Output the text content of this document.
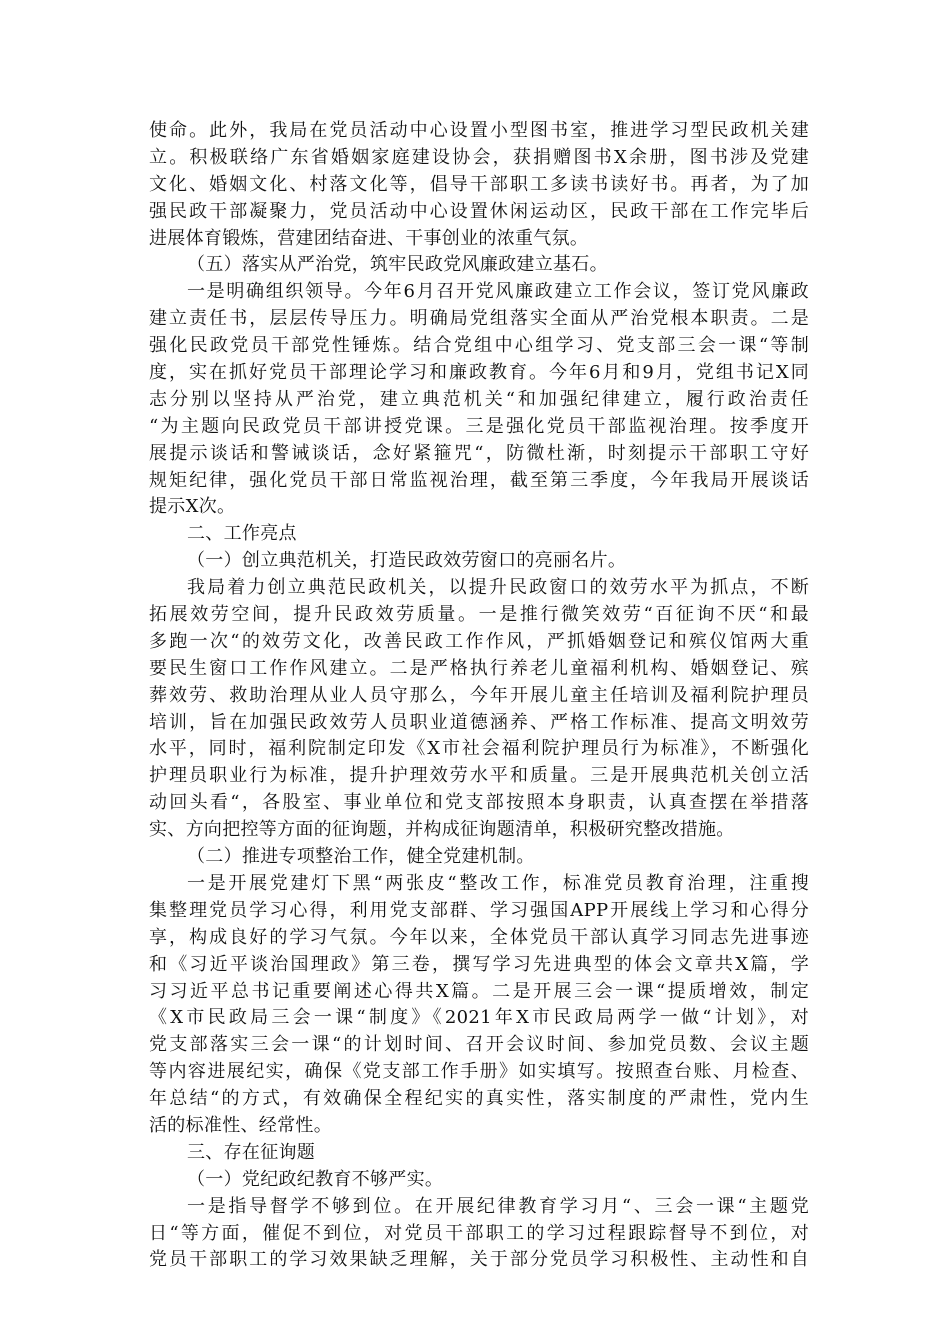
使命。此外，我局在党员活动中心设置小型图书室，推进学习型民政机关建
立。积极联络广东省婚姻家庭建设协会，获捐赠图书X余册，图书涉及党建
文化、婚姻文化、村落文化等，倡导干部职工多读书读好书。再者，为了加
强民政干部凝聚力，党员活动中心设置休闲运动区，民政干部在工作完毕后
进展体育锻炼，营建团结奋进、干事创业的浓重气氛。
（五）落实从严治党，筑牢民政党风廉政建立基石。
一是明确组织领导。今年6月召开党风廉政建立工作会议，签订党风廉政
建立责任书，层层传导压力。明确局党组落实全面从严治党根本职责。二是
强化民政党员干部党性锤炼。结合党组中心组学习、党支部三会一课“等制
度，实在抓好党员干部理论学习和廉政教育。今年6月和9月，党组书记X同
志分别以坚持从严治党，建立典范机关“和加强纪律建立，履行政治责任
“为主题向民政党员干部讲授党课。三是强化党员干部监视治理。按季度开
展提示谈话和警诫谈话，念好紧箍咒“，防微杜渐，时刻提示干部职工守好
规矩纪律，强化党员干部日常监视治理，截至第三季度，今年我局开展谈话
提示X次。
二、工作亮点
（一）创立典范机关，打造民政效劳窗口的亮丽名片。
我局着力创立典范民政机关，以提升民政窗口的效劳水平为抓点，不断
拓展效劳空间，提升民政效劳质量。一是推行微笑效劳“百征询不厌“和最
多跑一次“的效劳文化，改善民政工作作风，严抓婚姻登记和殡仪馆两大重
要民生窗口工作作风建立。二是严格执行养老儿童福利机构、婚姻登记、殡
葬效劳、救助治理从业人员守那么，今年开展儿童主任培训及福利院护理员
培训，旨在加强民政效劳人员职业道德涵养、严格工作标准、提高文明效劳
水平，同时，福利院制定印发《X市社会福利院护理员行为标准》，不断强化
护理员职业行为标准，提升护理效劳水平和质量。三是开展典范机关创立活
动回头看“，各股室、事业单位和党支部按照本身职责，认真查摆在举措落
实、方向把控等方面的征询题，并构成征询题清单，积极研究整改措施。
（二）推进专项整治工作，健全党建机制。
一是开展党建灯下黑“两张皮“整改工作，标准党员教育治理，注重搜
集整理党员学习心得，利用党支部群、学习强国APP开展线上学习和心得分
享，构成良好的学习气氛。今年以来，全体党员干部认真学习同志先进事迹
和《习近平谈治国理政》第三卷，撰写学习先进典型的体会文章共X篇，学
习习近平总书记重要阐述心得共X篇。二是开展三会一课“提质增效，制定
《X市民政局三会一课“制度》《2021年X市民政局两学一做“计划》，对
党支部落实三会一课“的计划时间、召开会议时间、参加党员数、会议主题
等内容进展纪实，确保《党支部工作手册》如实填写。按照查台账、月检查、
年总结“的方式，有效确保全程纪实的真实性，落实制度的严肃性，党内生
活的标准性、经常性。
三、存在征询题
（一）党纪政纪教育不够严实。
一是指导督学不够到位。在开展纪律教育学习月“、三会一课“主题党
日“等方面，催促不到位，对党员干部职工的学习过程跟踪督导不到位，对
党员干部职工的学习效果缺乏理解，关于部分党员学习积极性、主动性和自
